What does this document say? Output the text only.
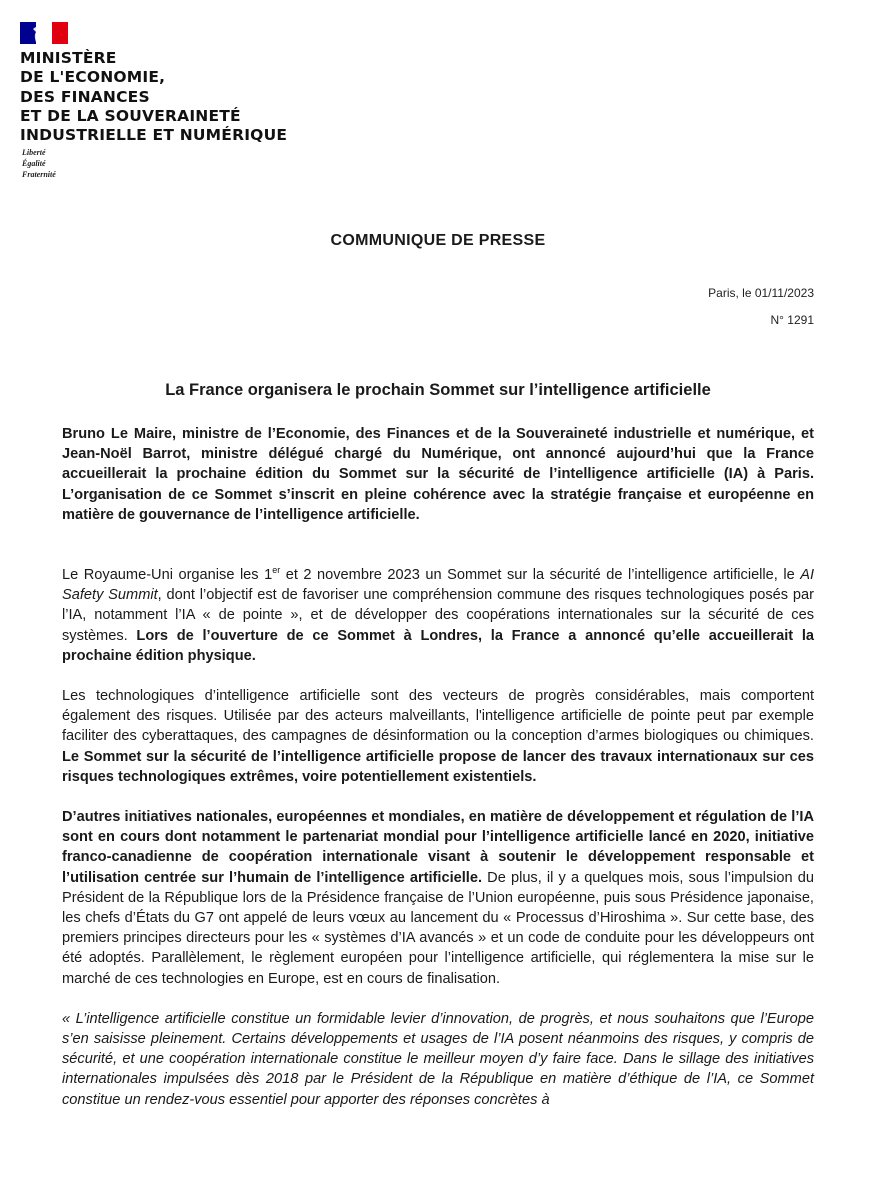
MINISTÈRE
DE L'ECONOMIE,
DES FINANCES
ET DE LA SOUVERAINETÉ
INDUSTRIELLE ET NUMÉRIQUE
Liberté
Égalité
Fraternité
COMMUNIQUE DE PRESSE
Paris, le 01/11/2023
N° 1291
La France organisera le prochain Sommet sur l’intelligence artificielle

Bruno Le Maire, ministre de l’Economie, des Finances et de la Souveraineté industrielle et numérique, et Jean-Noël Barrot, ministre délégué chargé du Numérique, ont annoncé aujourd’hui que la France accueillerait la prochaine édition du Sommet sur la sécurité de l’intelligence artificielle (IA) à Paris. L’organisation de ce Sommet s’inscrit en pleine cohérence avec la stratégie française et européenne en matière de gouvernance de l’intelligence artificielle.

Le Royaume-Uni organise les 1er et 2 novembre 2023 un Sommet sur la sécurité de l’intelligence artificielle, le AI Safety Summit, dont l’objectif est de favoriser une compréhension commune des risques technologiques posés par l’IA, notamment l’IA « de pointe », et de développer des coopérations internationales sur la sécurité de ces systèmes. Lors de l’ouverture de ce Sommet à Londres, la France a annoncé qu’elle accueillerait la prochaine édition physique.

Les technologiques d’intelligence artificielle sont des vecteurs de progrès considérables, mais comportent également des risques. Utilisée par des acteurs malveillants, l'intelligence artificielle de pointe peut par exemple faciliter des cyberattaques, des campagnes de désinformation ou la conception d’armes biologiques ou chimiques. Le Sommet sur la sécurité de l’intelligence artificielle propose de lancer des travaux internationaux sur ces risques technologiques extrêmes, voire potentiellement existentiels.

D’autres initiatives nationales, européennes et mondiales, en matière de développement et régulation de l’IA sont en cours dont notamment le partenariat mondial pour l’intelligence artificielle lancé en 2020, initiative franco-canadienne de coopération internationale visant à soutenir le développement responsable et l’utilisation centrée sur l’humain de l’intelligence artificielle. De plus, il y a quelques mois, sous l’impulsion du Président de la République lors de la Présidence française de l’Union européenne, puis sous Présidence japonaise, les chefs d’États du G7 ont appelé de leurs vœux au lancement du « Processus d’Hiroshima ». Sur cette base, des premiers principes directeurs pour les « systèmes d’IA avancés » et un code de conduite pour les développeurs ont été adoptés. Parallèlement, le règlement européen pour l’intelligence artificielle, qui réglementera la mise sur le marché de ces technologies en Europe, est en cours de finalisation.

« L’intelligence artificielle constitue un formidable levier d’innovation, de progrès, et nous souhaitons que l’Europe s’en saisisse pleinement. Certains développements et usages de l’IA posent néanmoins des risques, y compris de sécurité, et une coopération internationale constitue le meilleur moyen d’y faire face. Dans le sillage des initiatives internationales impulsées dès 2018 par le Président de la République en matière d’éthique de l’IA, ce Sommet constitue un rendez-vous essentiel pour apporter des réponses concrètes à
